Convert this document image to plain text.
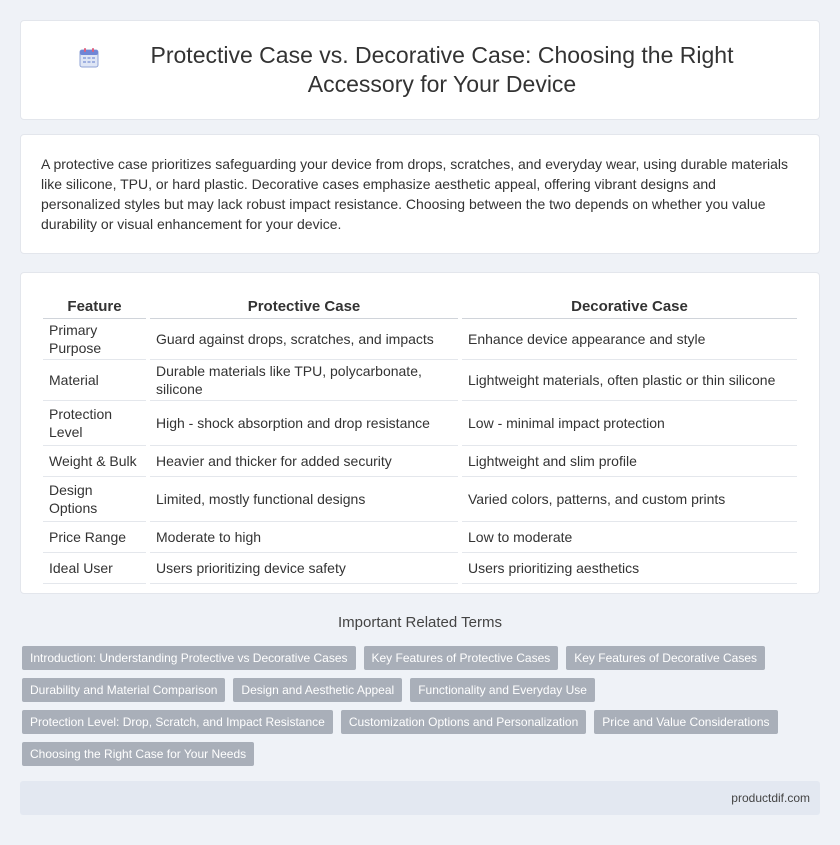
Protective Case vs. Decorative Case: Choosing the Right Accessory for Your Device
A protective case prioritizes safeguarding your device from drops, scratches, and everyday wear, using durable materials like silicone, TPU, or hard plastic. Decorative cases emphasize aesthetic appeal, offering vibrant designs and personalized styles but may lack robust impact resistance. Choosing between the two depends on whether you value durability or visual enhancement for your device.
Feature	Protective Case	Decorative Case
Primary Purpose	Guard against drops, scratches, and impacts	Enhance device appearance and style
Material	Durable materials like TPU, polycarbonate, silicone	Lightweight materials, often plastic or thin silicone
Protection Level	High - shock absorption and drop resistance	Low - minimal impact protection
Weight & Bulk	Heavier and thicker for added security	Lightweight and slim profile
Design Options	Limited, mostly functional designs	Varied colors, patterns, and custom prints
Price Range	Moderate to high	Low to moderate
Ideal User	Users prioritizing device safety	Users prioritizing aesthetics
Important Related Terms
Introduction: Understanding Protective vs Decorative Cases	Key Features of Protective Cases	Key Features of Decorative Cases
Durability and Material Comparison	Design and Aesthetic Appeal	Functionality and Everyday Use
Protection Level: Drop, Scratch, and Impact Resistance	Customization Options and Personalization	Price and Value Considerations
Choosing the Right Case for Your Needs
productdif.com
